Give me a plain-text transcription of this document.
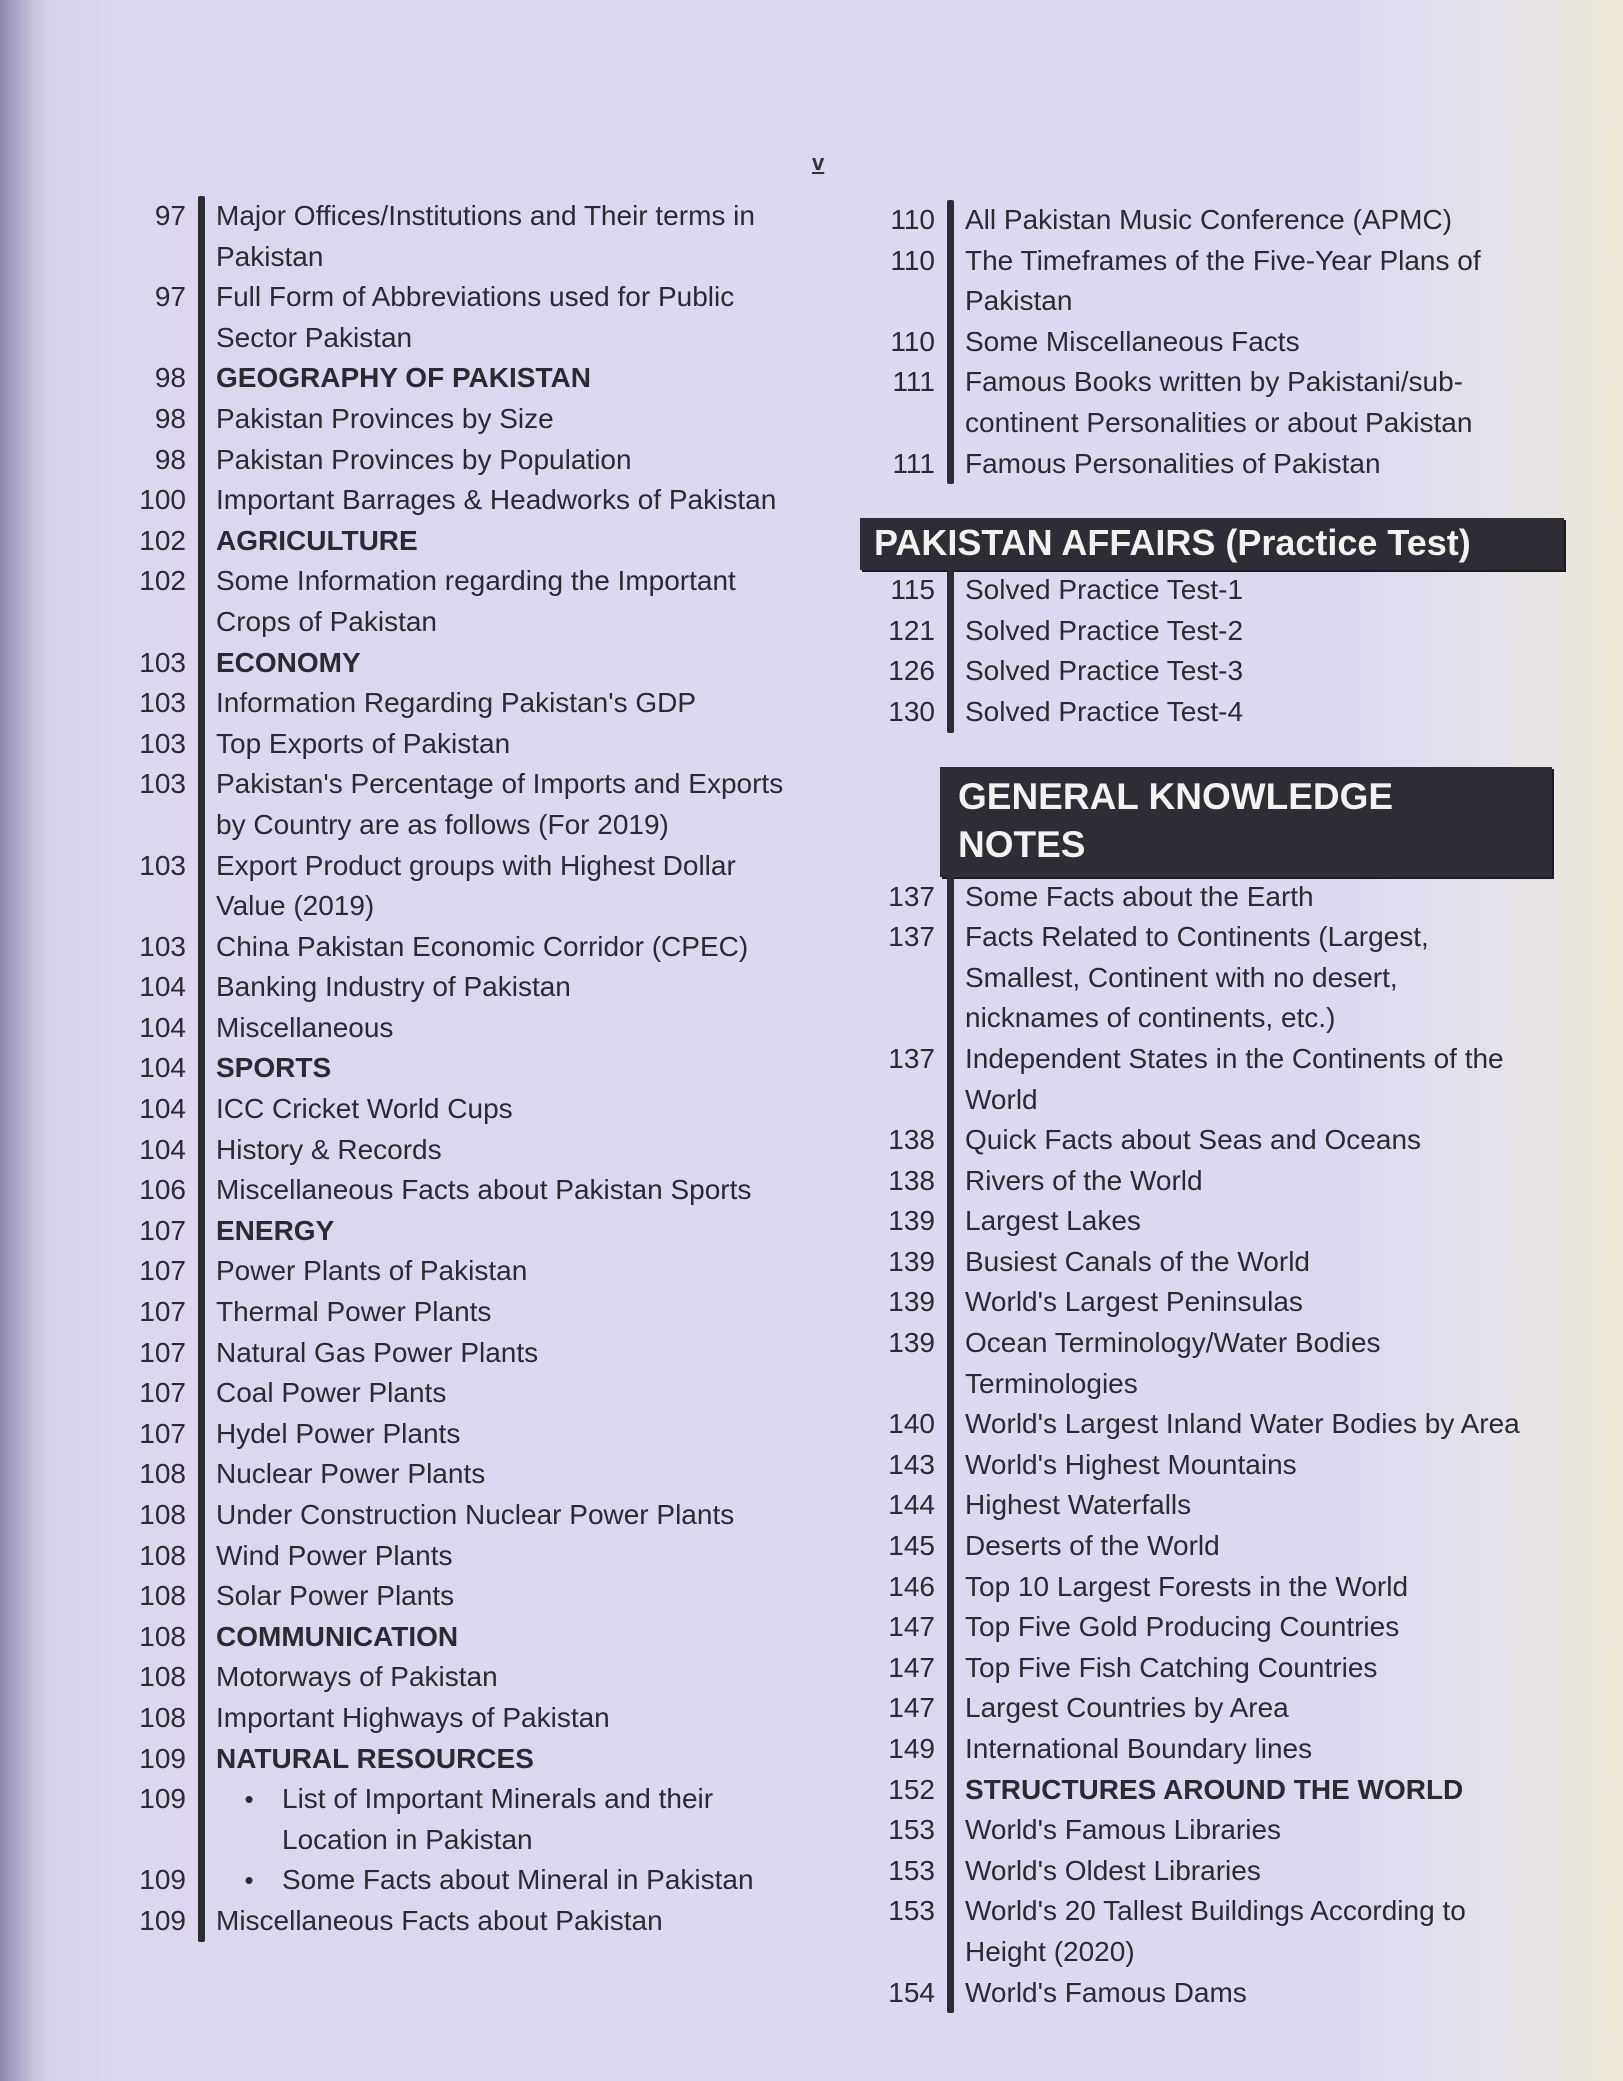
v
97	Major Offices/Institutions and Their terms in Pakistan
97	Full Form of Abbreviations used for Public Sector Pakistan
98	GEOGRAPHY OF PAKISTAN
98	Pakistan Provinces by Size
98	Pakistan Provinces by Population
100	Important Barrages & Headworks of Pakistan
102	AGRICULTURE
102	Some Information regarding the Important Crops of Pakistan
103	ECONOMY
103	Information Regarding Pakistan's GDP
103	Top Exports of Pakistan
103	Pakistan's Percentage of Imports and Exports by Country are as follows (For 2019)
103	Export Product groups with Highest Dollar Value (2019)
103	China Pakistan Economic Corridor (CPEC)
104	Banking Industry of Pakistan
104	Miscellaneous
104	SPORTS
104	ICC Cricket World Cups
104	History & Records
106	Miscellaneous Facts about Pakistan Sports
107	ENERGY
107	Power Plants of Pakistan
107	Thermal Power Plants
107	Natural Gas Power Plants
107	Coal Power Plants
107	Hydel Power Plants
108	Nuclear Power Plants
108	Under Construction Nuclear Power Plants
108	Wind Power Plants
108	Solar Power Plants
108	COMMUNICATION
108	Motorways of Pakistan
108	Important Highways of Pakistan
109	NATURAL RESOURCES
109	•	List of Important Minerals and their Location in Pakistan
109	•	Some Facts about Mineral in Pakistan
109	Miscellaneous Facts about Pakistan
110	All Pakistan Music Conference (APMC)
110	The Timeframes of the Five-Year Plans of Pakistan
110	Some Miscellaneous Facts
111	Famous Books written by Pakistani/sub-continent Personalities or about Pakistan
111	Famous Personalities of Pakistan
PAKISTAN AFFAIRS (Practice Test)
115	Solved Practice Test-1
121	Solved Practice Test-2
126	Solved Practice Test-3
130	Solved Practice Test-4
GENERAL KNOWLEDGE
NOTES
137	Some Facts about the Earth
137	Facts Related to Continents (Largest, Smallest, Continent with no desert, nicknames of continents, etc.)
137	Independent States in the Continents of the World
138	Quick Facts about Seas and Oceans
138	Rivers of the World
139	Largest Lakes
139	Busiest Canals of the World
139	World's Largest Peninsulas
139	Ocean Terminology/Water Bodies Terminologies
140	World's Largest Inland Water Bodies by Area
143	World's Highest Mountains
144	Highest Waterfalls
145	Deserts of the World
146	Top 10 Largest Forests in the World
147	Top Five Gold Producing Countries
147	Top Five Fish Catching Countries
147	Largest Countries by Area
149	International Boundary lines
152	STRUCTURES AROUND THE WORLD
153	World's Famous Libraries
153	World's Oldest Libraries
153	World's 20 Tallest Buildings According to Height (2020)
154	World's Famous Dams
